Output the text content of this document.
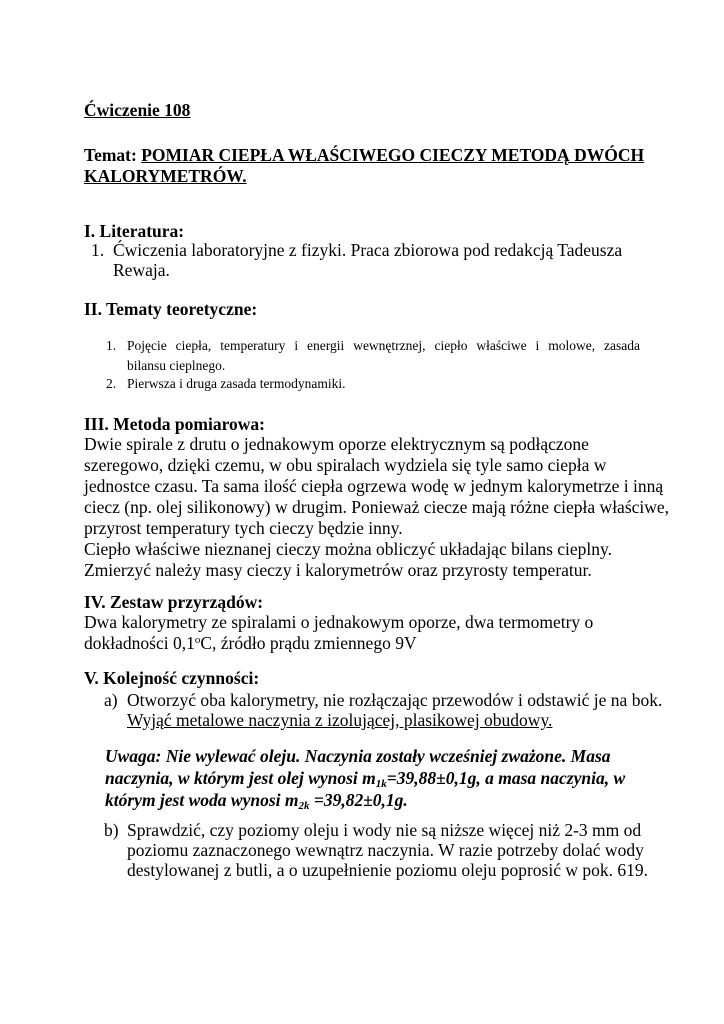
Ćwiczenie 108
Temat: POMIAR CIEPŁA WŁAŚCIWEGO CIECZY METODĄ DWÓCH
KALORYMETRÓW.
I. Literatura:
1. Ćwiczenia laboratoryjne z fizyki. Praca zbiorowa pod redakcją Tadeusza
Rewaja.
II. Tematy teoretyczne:
1. Pojęcie ciepła, temperatury i energii wewnętrznej, ciepło właściwe i molowe, zasada
bilansu cieplnego.
2. Pierwsza i druga zasada termodynamiki.
III. Metoda pomiarowa:
Dwie spirale z drutu o jednakowym oporze elektrycznym są podłączone
szeregowo, dzięki czemu, w obu spiralach wydziela się tyle samo ciepła w
jednostce czasu. Ta sama ilość ciepła ogrzewa wodę w jednym kalorymetrze i inną
ciecz (np. olej silikonowy) w drugim. Ponieważ ciecze mają różne ciepła właściwe,
przyrost temperatury tych cieczy będzie inny.
Ciepło właściwe nieznanej cieczy można obliczyć układając bilans cieplny.
Zmierzyć należy masy cieczy i kalorymetrów oraz przyrosty temperatur.
IV. Zestaw przyrządów:
Dwa kalorymetry ze spiralami o jednakowym oporze, dwa termometry o
dokładności 0,1$^o$C, źródło prądu zmiennego 9V
V. Kolejność czynności:
a) Otworzyć oba kalorymetry, nie rozłączając przewodów i odstawić je na bok.
Wyjąć metalowe naczynia z izolującej, plasikowej obudowy.
Uwaga: Nie wylewać oleju. Naczynia zostały wcześniej zważone. Masa
naczynia, w którym jest olej wynosi $m_{1k}=39,88\pm 0,1g$, a masa naczynia, w
którym jest woda wynosi $m_{2k} =39,82\pm 0,1g$.
b) Sprawdzić, czy poziomy oleju i wody nie są niższe więcej niż 2-3 mm od
poziomu zaznaczonego wewnątrz naczynia. W razie potrzeby dolać wody
destylowanej z butli, a o uzupełnienie poziomu oleju poprosić w pok. 619.
